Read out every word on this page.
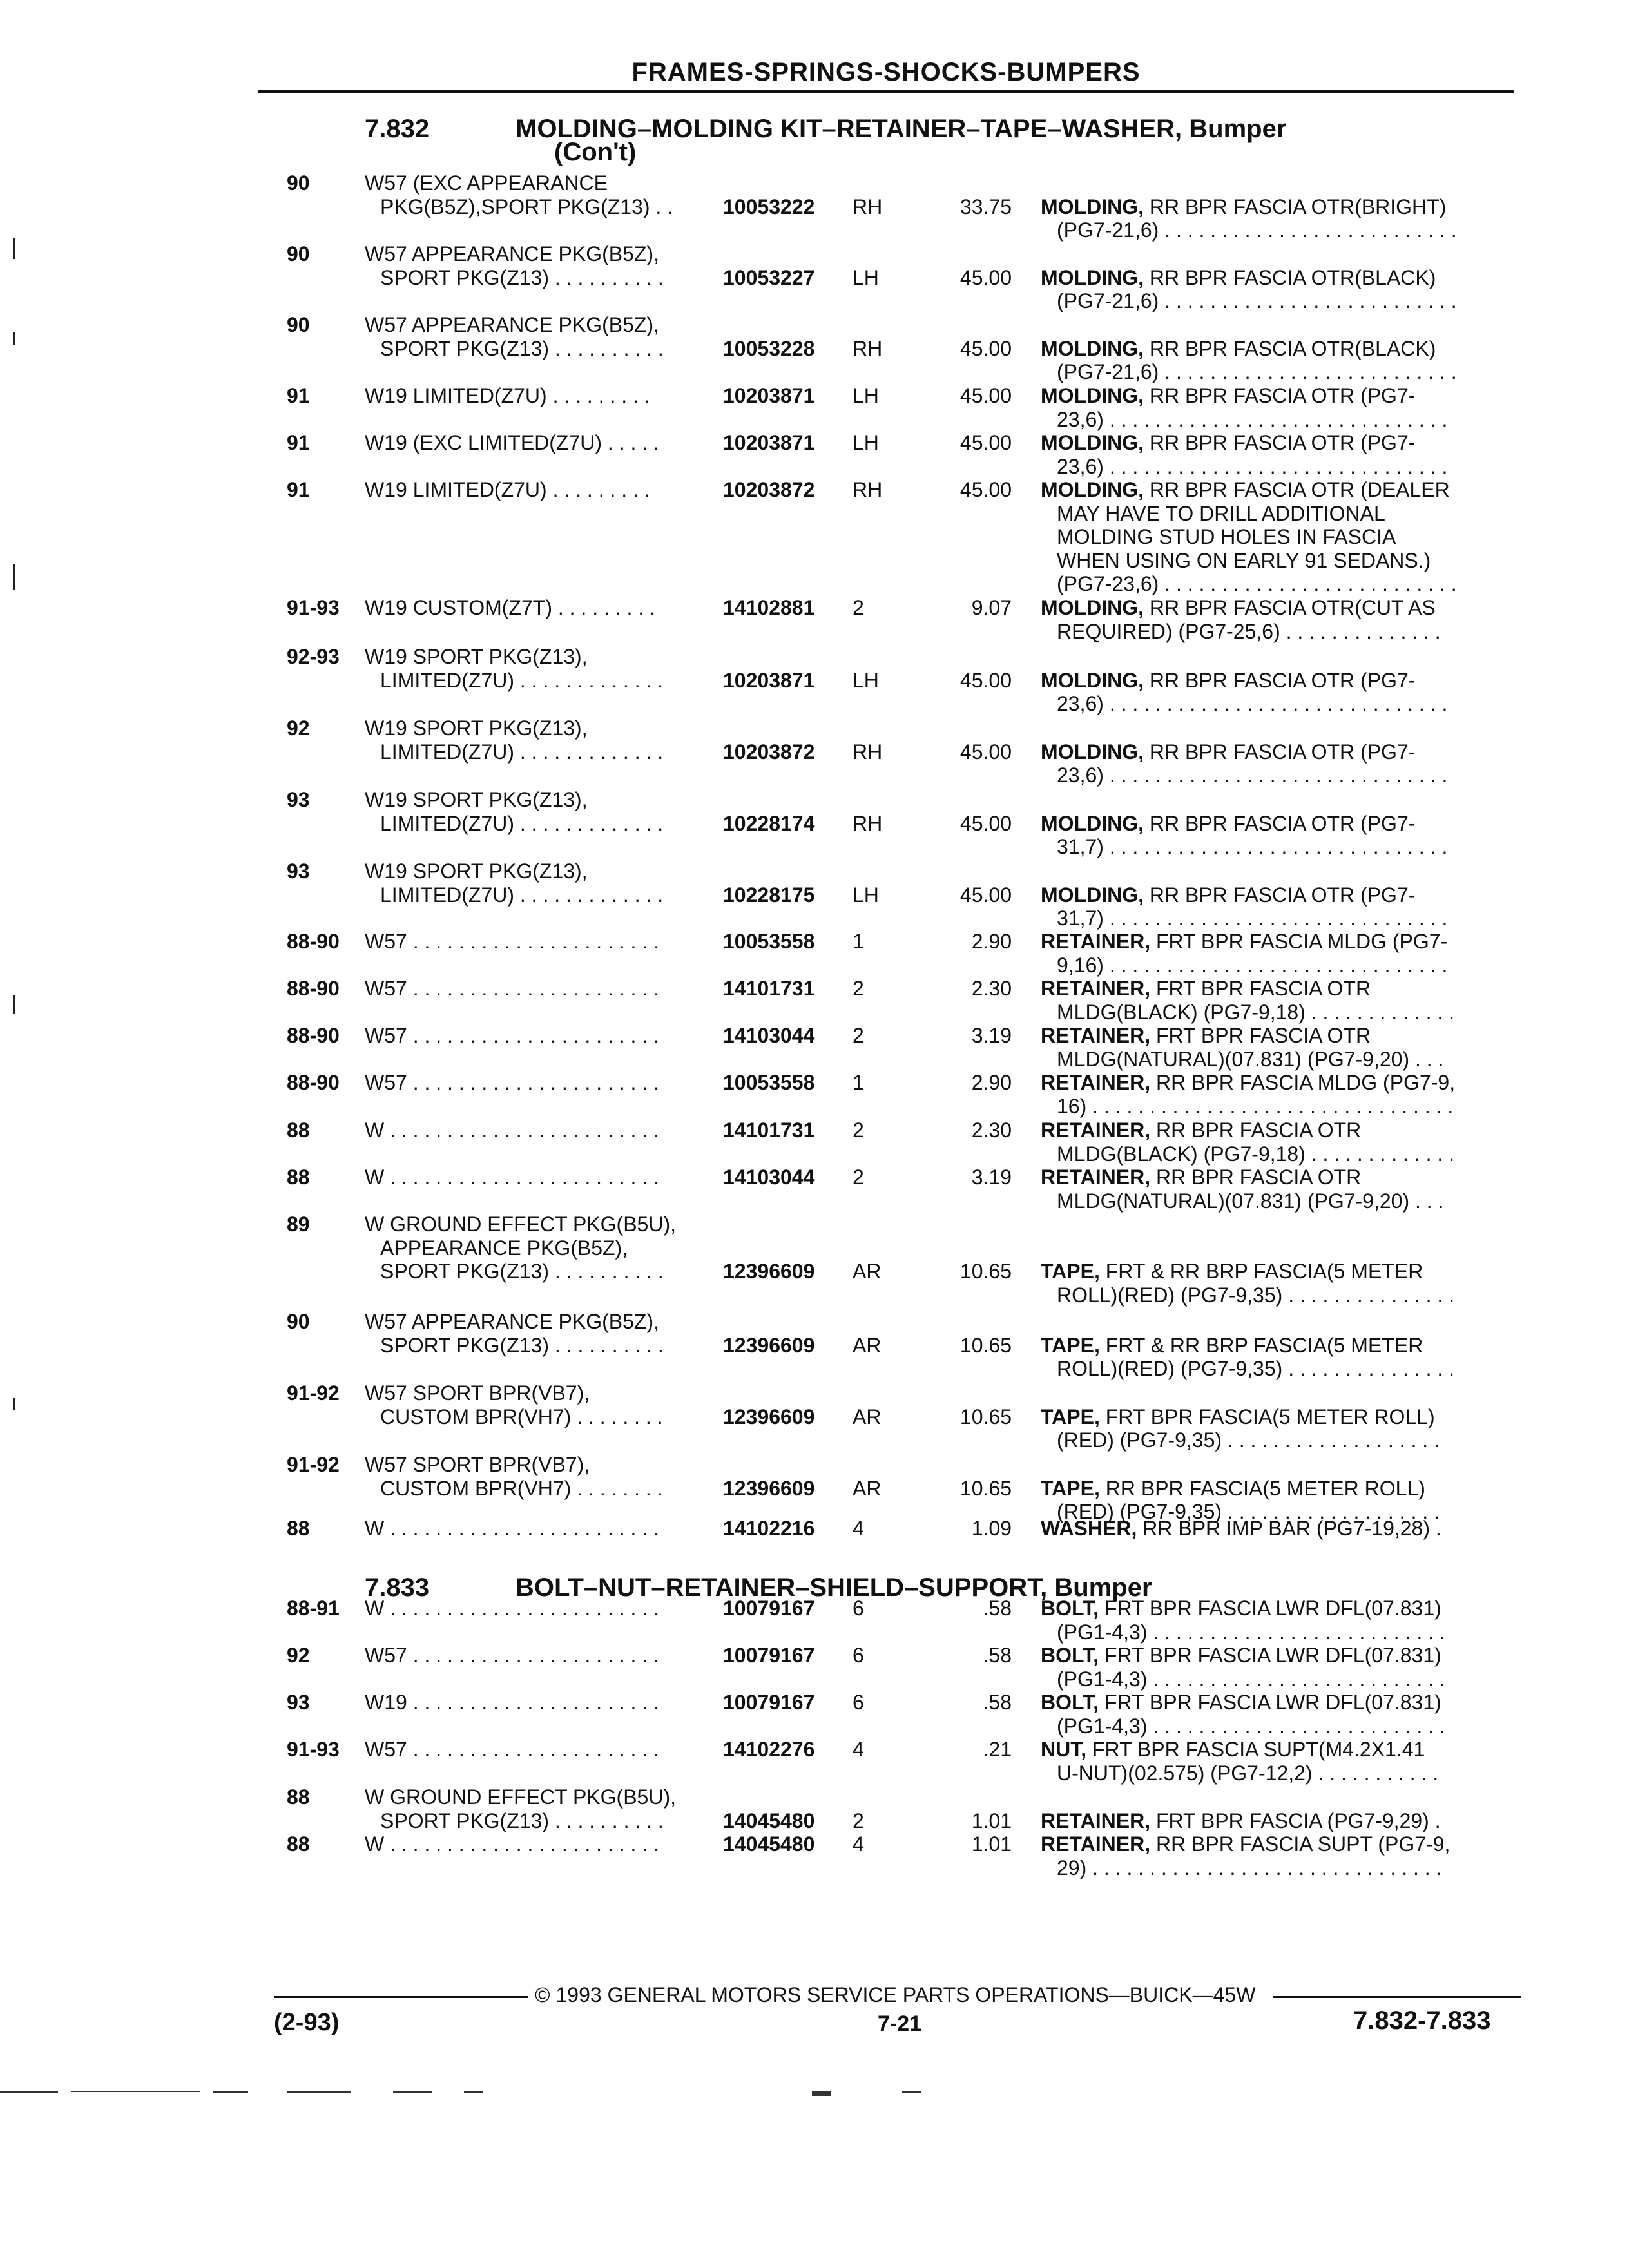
FRAMES-SPRINGS-SHOCKS-BUMPERS
7.832	MOLDING–MOLDING KIT–RETAINER–TAPE–WASHER, Bumper
(Con't)
90	W57 (EXC APPEARANCE
PKG(B5Z),SPORT PKG(Z13) . . 10053222 RH	33.75 MOLDING, RR BPR FASCIA OTR(BRIGHT)
(PG7-21,6) . . . . . . . . . . . . . . . . . . . . . . . . . .
90	W57 APPEARANCE PKG(B5Z),
SPORT PKG(Z13) . . . . . . . . . .	10053227 LH	45.00 MOLDING, RR BPR FASCIA OTR(BLACK)
(PG7-21,6) . . . . . . . . . . . . . . . . . . . . . . . . . .
90	W57 APPEARANCE PKG(B5Z),
SPORT PKG(Z13) . . . . . . . . . .	10053228 RH	45.00 MOLDING, RR BPR FASCIA OTR(BLACK)
(PG7-21,6) . . . . . . . . . . . . . . . . . . . . . . . . . .
91	W19 LIMITED(Z7U) . . . . . . . . .	10203871 LH	45.00 MOLDING, RR BPR FASCIA OTR (PG7-
23,6) . . . . . . . . . . . . . . . . . . . . . . . . . . . . . .
91	W19 (EXC LIMITED(Z7U) . . . . .	10203871 LH	45.00 MOLDING, RR BPR FASCIA OTR (PG7-
23,6) . . . . . . . . . . . . . . . . . . . . . . . . . . . . . .
91	W19 LIMITED(Z7U) . . . . . . . . .	10203872 RH	45.00 MOLDING, RR BPR FASCIA OTR (DEALER
MAY HAVE TO DRILL ADDITIONAL
MOLDING STUD HOLES IN FASCIA
WHEN USING ON EARLY 91 SEDANS.)
(PG7-23,6) . . . . . . . . . . . . . . . . . . . . . . . . . .
91-93 W19 CUSTOM(Z7T) . . . . . . . . .	14102881 2	9.07 MOLDING, RR BPR FASCIA OTR(CUT AS
REQUIRED) (PG7-25,6) . . . . . . . . . . . . . .
92-93 W19 SPORT PKG(Z13),
LIMITED(Z7U) . . . . . . . . . . . . .	10203871 LH	45.00 MOLDING, RR BPR FASCIA OTR (PG7-
23,6) . . . . . . . . . . . . . . . . . . . . . . . . . . . . . .
92	W19 SPORT PKG(Z13),
LIMITED(Z7U) . . . . . . . . . . . . .	10203872 RH	45.00 MOLDING, RR BPR FASCIA OTR (PG7-
23,6) . . . . . . . . . . . . . . . . . . . . . . . . . . . . . .
93	W19 SPORT PKG(Z13),
LIMITED(Z7U) . . . . . . . . . . . . .	10228174 RH	45.00 MOLDING, RR BPR FASCIA OTR (PG7-
31,7) . . . . . . . . . . . . . . . . . . . . . . . . . . . . . .
93	W19 SPORT PKG(Z13),
LIMITED(Z7U) . . . . . . . . . . . . .	10228175 LH	45.00 MOLDING, RR BPR FASCIA OTR (PG7-
31,7) . . . . . . . . . . . . . . . . . . . . . . . . . . . . . .
88-90 W57 . . . . . . . . . . . . . . . . . . . . . .	10053558 1	2.90 RETAINER, FRT BPR FASCIA MLDG (PG7-
9,16) . . . . . . . . . . . . . . . . . . . . . . . . . . . . . .
88-90 W57 . . . . . . . . . . . . . . . . . . . . . .	14101731 2	2.30 RETAINER, FRT BPR FASCIA OTR
MLDG(BLACK) (PG7-9,18) . . . . . . . . . . . . .
88-90 W57 . . . . . . . . . . . . . . . . . . . . . .	14103044 2	3.19 RETAINER, FRT BPR FASCIA OTR
MLDG(NATURAL)(07.831) (PG7-9,20) . . .
88-90 W57 . . . . . . . . . . . . . . . . . . . . . .	10053558 1	2.90 RETAINER, RR BPR FASCIA MLDG (PG7-9,
16) . . . . . . . . . . . . . . . . . . . . . . . . . . . . . . . .
88	W . . . . . . . . . . . . . . . . . . . . . . . .	14101731 2	2.30 RETAINER, RR BPR FASCIA OTR
MLDG(BLACK) (PG7-9,18) . . . . . . . . . . . . .
88	W . . . . . . . . . . . . . . . . . . . . . . . .	14103044 2	3.19 RETAINER, RR BPR FASCIA OTR
MLDG(NATURAL)(07.831) (PG7-9,20) . . .
89	W GROUND EFFECT PKG(B5U),
APPEARANCE PKG(B5Z),
SPORT PKG(Z13) . . . . . . . . . .	12396609 AR	10.65 TAPE, FRT & RR BRP FASCIA(5 METER
ROLL)(RED) (PG7-9,35) . . . . . . . . . . . . . . .
90	W57 APPEARANCE PKG(B5Z),
SPORT PKG(Z13) . . . . . . . . . .	12396609 AR	10.65 TAPE, FRT & RR BRP FASCIA(5 METER
ROLL)(RED) (PG7-9,35) . . . . . . . . . . . . . . .
91-92 W57 SPORT BPR(VB7),
CUSTOM BPR(VH7) . . . . . . . .	12396609 AR	10.65 TAPE, FRT BPR FASCIA(5 METER ROLL)
(RED) (PG7-9,35) . . . . . . . . . . . . . . . . . . .
91-92 W57 SPORT BPR(VB7),
CUSTOM BPR(VH7) . . . . . . . .	12396609 AR	10.65 TAPE, RR BPR FASCIA(5 METER ROLL)
(RED) (PG7-9,35) . . . . . . . . . . . . . . . . . . .
88	W . . . . . . . . . . . . . . . . . . . . . . . .	14102216 4	1.09 WASHER, RR BPR IMP BAR (PG7-19,28) .
7.833	BOLT–NUT–RETAINER–SHIELD–SUPPORT, Bumper
88-91 W . . . . . . . . . . . . . . . . . . . . . . . .	10079167 6	.58 BOLT, FRT BPR FASCIA LWR DFL(07.831)
(PG1-4,3) . . . . . . . . . . . . . . . . . . . . . . . . . .
92	W57 . . . . . . . . . . . . . . . . . . . . . .	10079167 6	.58 BOLT, FRT BPR FASCIA LWR DFL(07.831)
(PG1-4,3) . . . . . . . . . . . . . . . . . . . . . . . . . .
93	W19 . . . . . . . . . . . . . . . . . . . . . .	10079167 6	.58 BOLT, FRT BPR FASCIA LWR DFL(07.831)
(PG1-4,3) . . . . . . . . . . . . . . . . . . . . . . . . . .
91-93 W57 . . . . . . . . . . . . . . . . . . . . . .	14102276 4	.21 NUT, FRT BPR FASCIA SUPT(M4.2X1.41
U-NUT)(02.575) (PG7-12,2) . . . . . . . . . . .
88	W GROUND EFFECT PKG(B5U),
SPORT PKG(Z13) . . . . . . . . . .	14045480 2	1.01 RETAINER, FRT BPR FASCIA (PG7-9,29) .
88	W . . . . . . . . . . . . . . . . . . . . . . . .	14045480 4	1.01 RETAINER, RR BPR FASCIA SUPT (PG7-9,
29) . . . . . . . . . . . . . . . . . . . . . . . . . . . . . . .
© 1993 GENERAL MOTORS SERVICE PARTS OPERATIONS—BUICK—45W
(2-93)	7-21	7.832-7.833
